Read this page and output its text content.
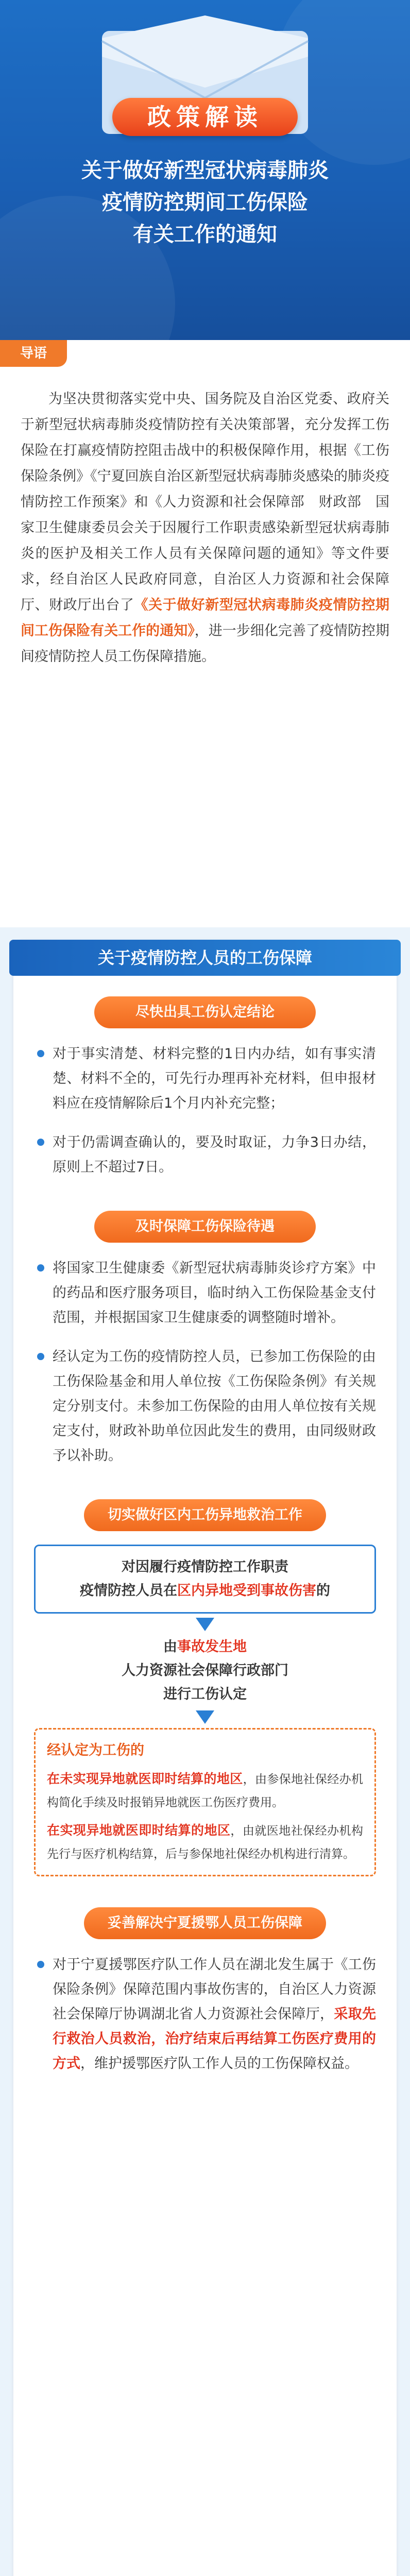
政策解读
关于做好新型冠状病毒肺炎
疫情防控期间工伤保险
有关工作的通知
导语
为坚决贯彻落实党中央、国务院及自治区党委、政府关于新型冠状病毒肺炎疫情防控有关决策部署，充分发挥工伤保险在打赢疫情防控阻击战中的积极保障作用，根据《工伤保险条例》《宁夏回族自治区新型冠状病毒肺炎感染的肺炎疫情防控工作预案》和《人力资源和社会保障部　财政部　国家卫生健康委员会关于因履行工作职责感染新型冠状病毒肺炎的医护及相关工作人员有关保障问题的通知》等文件要求，经自治区人民政府同意，自治区人力资源和社会保障厅、财政厅出台了《关于做好新型冠状病毒肺炎疫情防控期间工伤保险有关工作的通知》，进一步细化完善了疫情防控期间疫情防控人员工伤保障措施。
关于疫情防控人员的工伤保障
尽快出具工伤认定结论
对于事实清楚、材料完整的1日内办结，如有事实清楚、材料不全的，可先行办理再补充材料，但申报材料应在疫情解除后1个月内补充完整；
对于仍需调查确认的，要及时取证，力争3日办结，原则上不超过7日。
及时保障工伤保险待遇
将国家卫生健康委《新型冠状病毒肺炎诊疗方案》中的药品和医疗服务项目，临时纳入工伤保险基金支付范围，并根据国家卫生健康委的调整随时增补。
经认定为工伤的疫情防控人员，已参加工伤保险的由工伤保险基金和用人单位按《工伤保险条例》有关规定分别支付。未参加工伤保险的由用人单位按有关规定支付，财政补助单位因此发生的费用，由同级财政予以补助。
切实做好区内工伤异地救治工作
对因履行疫情防控工作职责
疫情防控人员在区内异地受到事故伤害的
由事故发生地
人力资源社会保障行政部门
进行工伤认定
经认定为工伤的
在未实现异地就医即时结算的地区，由参保地社保经办机构简化手续及时报销异地就医工伤医疗费用。
在实现异地就医即时结算的地区，由就医地社保经办机构先行与医疗机构结算，后与参保地社保经办机构进行清算。
妥善解决宁夏援鄂人员工伤保障
对于宁夏援鄂医疗队工作人员在湖北发生属于《工伤保险条例》保障范围内事故伤害的，自治区人力资源社会保障厅协调湖北省人力资源社会保障厅，采取先行救治人员救治，治疗结束后再结算工伤医疗费用的方式，维护援鄂医疗队工作人员的工伤保障权益。
